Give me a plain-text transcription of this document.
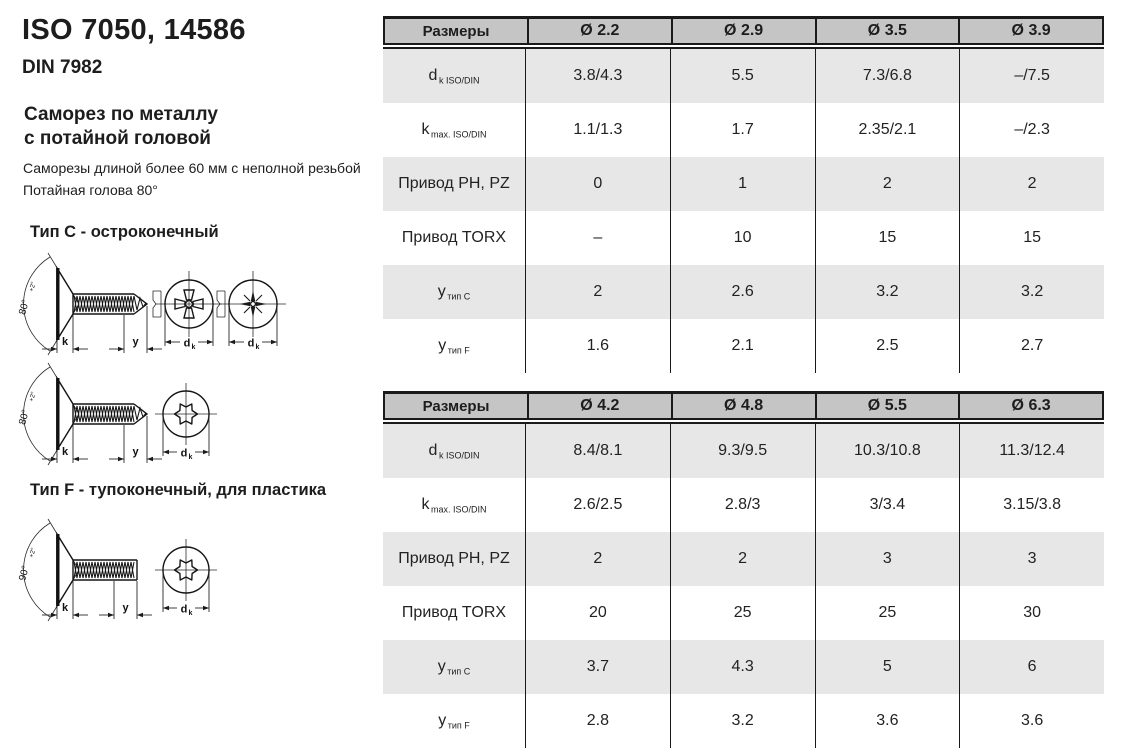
ISO 7050, 14586
DIN 7982
Саморез по металлу
с потайной головой
Саморезы длиной более 60 мм с неполной резьбой
Потайная голова 80°
Тип C - остроконечный
Тип F - тупоконечный, для пластика
80°
+2°
k	y	d k	d k
80°
+2°
k	y	d k
90°
+2°
k	y	d k
Размеры	Ø 2.2	Ø 2.9	Ø 3.5	Ø 3.9
d k ISO/DIN	3.8/4.3	5.5	7.3/6.8	–/7.5
k max. ISO/DIN	1.1/1.3	1.7	2.35/2.1	–/2.3
Привод PH, PZ	0	1	2	2
Привод TORX	–	10	15	15
y тип C	2	2.6	3.2	3.2
y тип F	1.6	2.1	2.5	2.7
Размеры	Ø 4.2	Ø 4.8	Ø 5.5	Ø 6.3
d k ISO/DIN	8.4/8.1	9.3/9.5	10.3/10.8	11.3/12.4
k max. ISO/DIN	2.6/2.5	2.8/3	3/3.4	3.15/3.8
Привод PH, PZ	2	2	3	3
Привод TORX	20	25	25	30
y тип C	3.7	4.3	5	6
y тип F	2.8	3.2	3.6	3.6
